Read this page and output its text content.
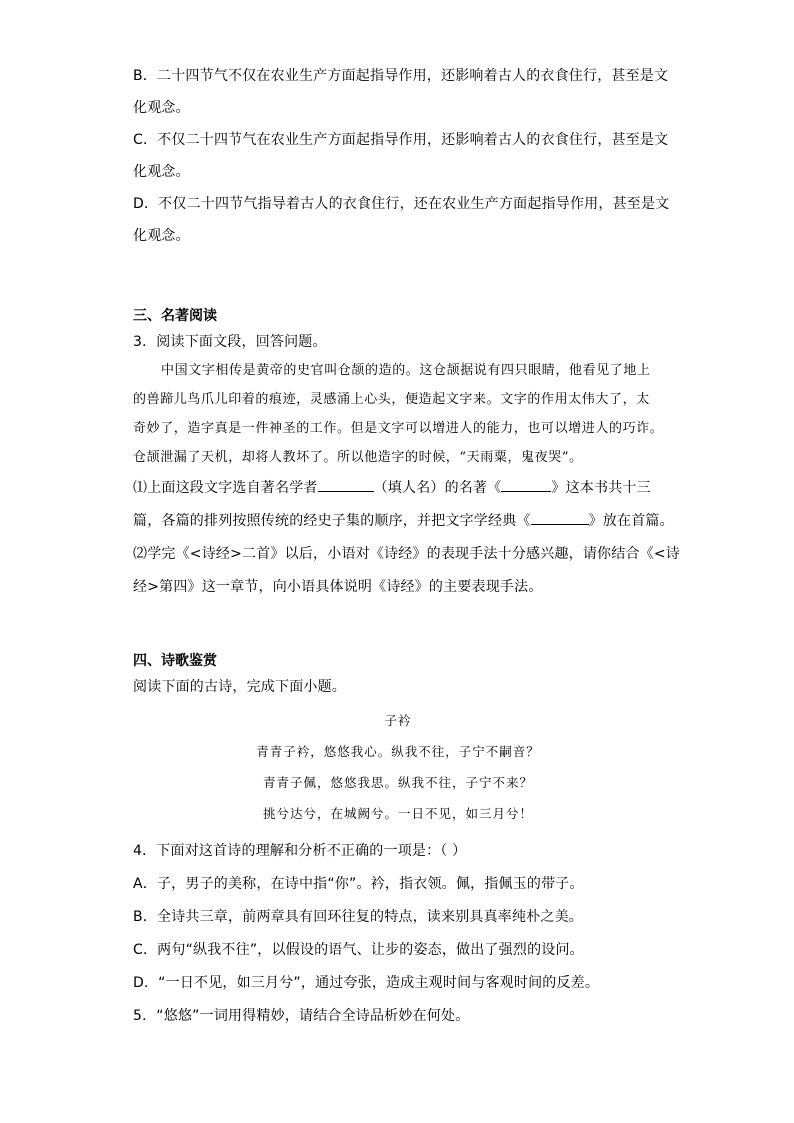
B．二十四节气不仅在农业生产方面起指导作用，还影响着古人的衣食住行，甚至是文
化观念。
C．不仅二十四节气在农业生产方面起指导作用，还影响着古人的衣食住行，甚至是文
化观念。
D．不仅二十四节气指导着古人的衣食住行，还在农业生产方面起指导作用，甚至是文
化观念。
三、名著阅读
3．阅读下面文段，回答问题。
中国文字相传是黄帝的史官叫仓颉的造的。这仓颉据说有四只眼睛，他看见了地上
的兽蹄儿鸟爪儿印着的痕迹，灵感涌上心头，便造起文字来。文字的作用太伟大了，太
奇妙了，造字真是一件神圣的工作。但是文字可以增进人的能力，也可以增进人的巧诈。
仓颉泄漏了天机，却将人教坏了。所以他造字的时候，“天雨粟，鬼夜哭”。
⑴上面这段文字选自著名学者	（填人名）的名著《	》这本书共十三
篇，各篇的排列按照传统的经史子集的顺序，并把文字学经典《	》放在首篇。
⑵学完《<诗经>二首》以后，小语对《诗经》的表现手法十分感兴趣，请你结合《<诗
经>第四》这一章节，向小语具体说明《诗经》的主要表现手法。
四、诗歌鉴赏
阅读下面的古诗，完成下面小题。
子衿
青青子衿，悠悠我心。纵我不往，子宁不嗣音？
青青子佩，悠悠我思。纵我不往，子宁不来？
挑兮达兮，在城阙兮。一日不见，如三月兮！
4．下面对这首诗的理解和分析不正确的一项是：（ ）
A．子，男子的美称，在诗中指“你”。衿，指衣领。佩，指佩玉的带子。
B．全诗共三章，前两章具有回环往复的特点，读来别具真率纯朴之美。
C．两句“纵我不往”，以假设的语气、让步的姿态，做出了强烈的设问。
D．“一日不见，如三月兮”，通过夸张，造成主观时间与客观时间的反差。
5．“悠悠”一词用得精妙，请结合全诗品析妙在何处。
